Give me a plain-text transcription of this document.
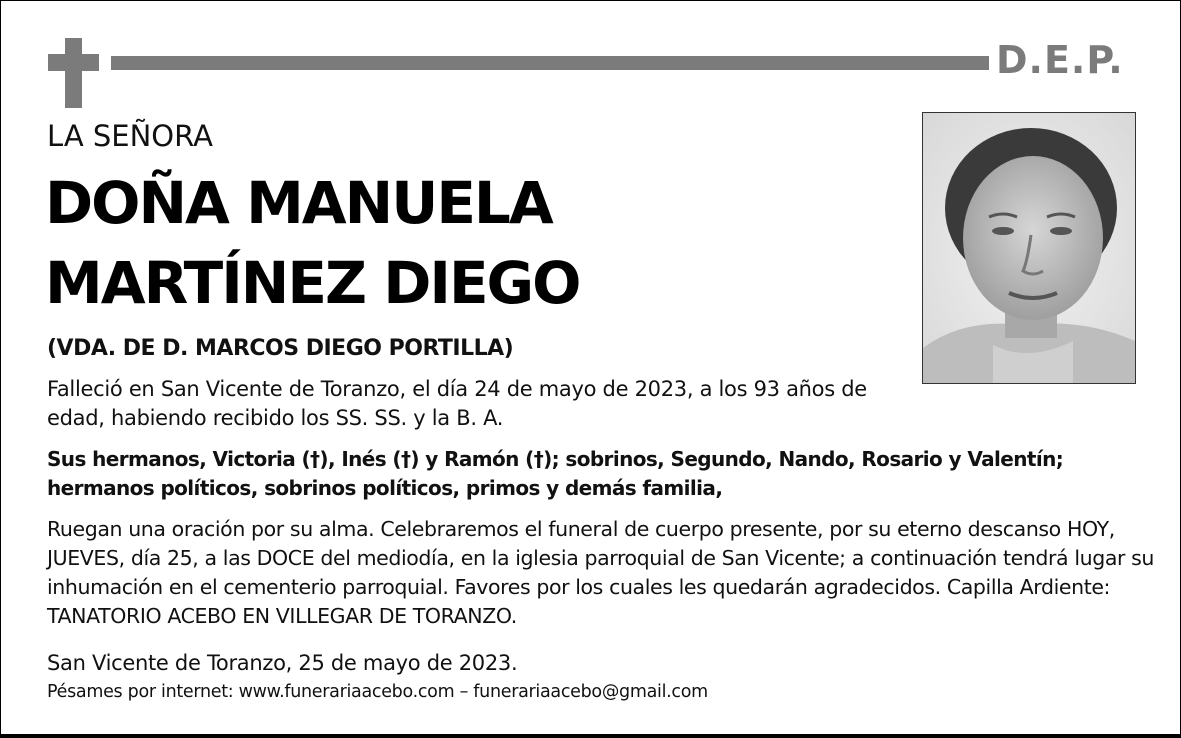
D.E.P.
LA SEÑORA
DOÑA MANUELA
MARTÍNEZ DIEGO
(VDA. DE D. MARCOS DIEGO PORTILLA)
Falleció en San Vicente de Toranzo, el día 24 de mayo de 2023, a los 93 años de edad, habiendo recibido los SS. SS. y la B. A.
Sus hermanos, Victoria (†), Inés (†) y Ramón (†); sobrinos, Segundo, Nando, Rosario y Valentín; hermanos políticos, sobrinos políticos, primos y demás familia,
Ruegan una oración por su alma. Celebraremos el funeral de cuerpo presente, por su eterno descanso HOY, JUEVES, día 25, a las DOCE del mediodía, en la iglesia parroquial de San Vicente; a continuación tendrá lugar su inhumación en el cementerio parroquial. Favores por los cuales les quedarán agradecidos. Capilla Ardiente: TANATORIO ACEBO EN VILLEGAR DE TORANZO.
San Vicente de Toranzo, 25 de mayo de 2023.
Pésames por internet: www.funerariaacebo.com – funerariaacebo@gmail.com
